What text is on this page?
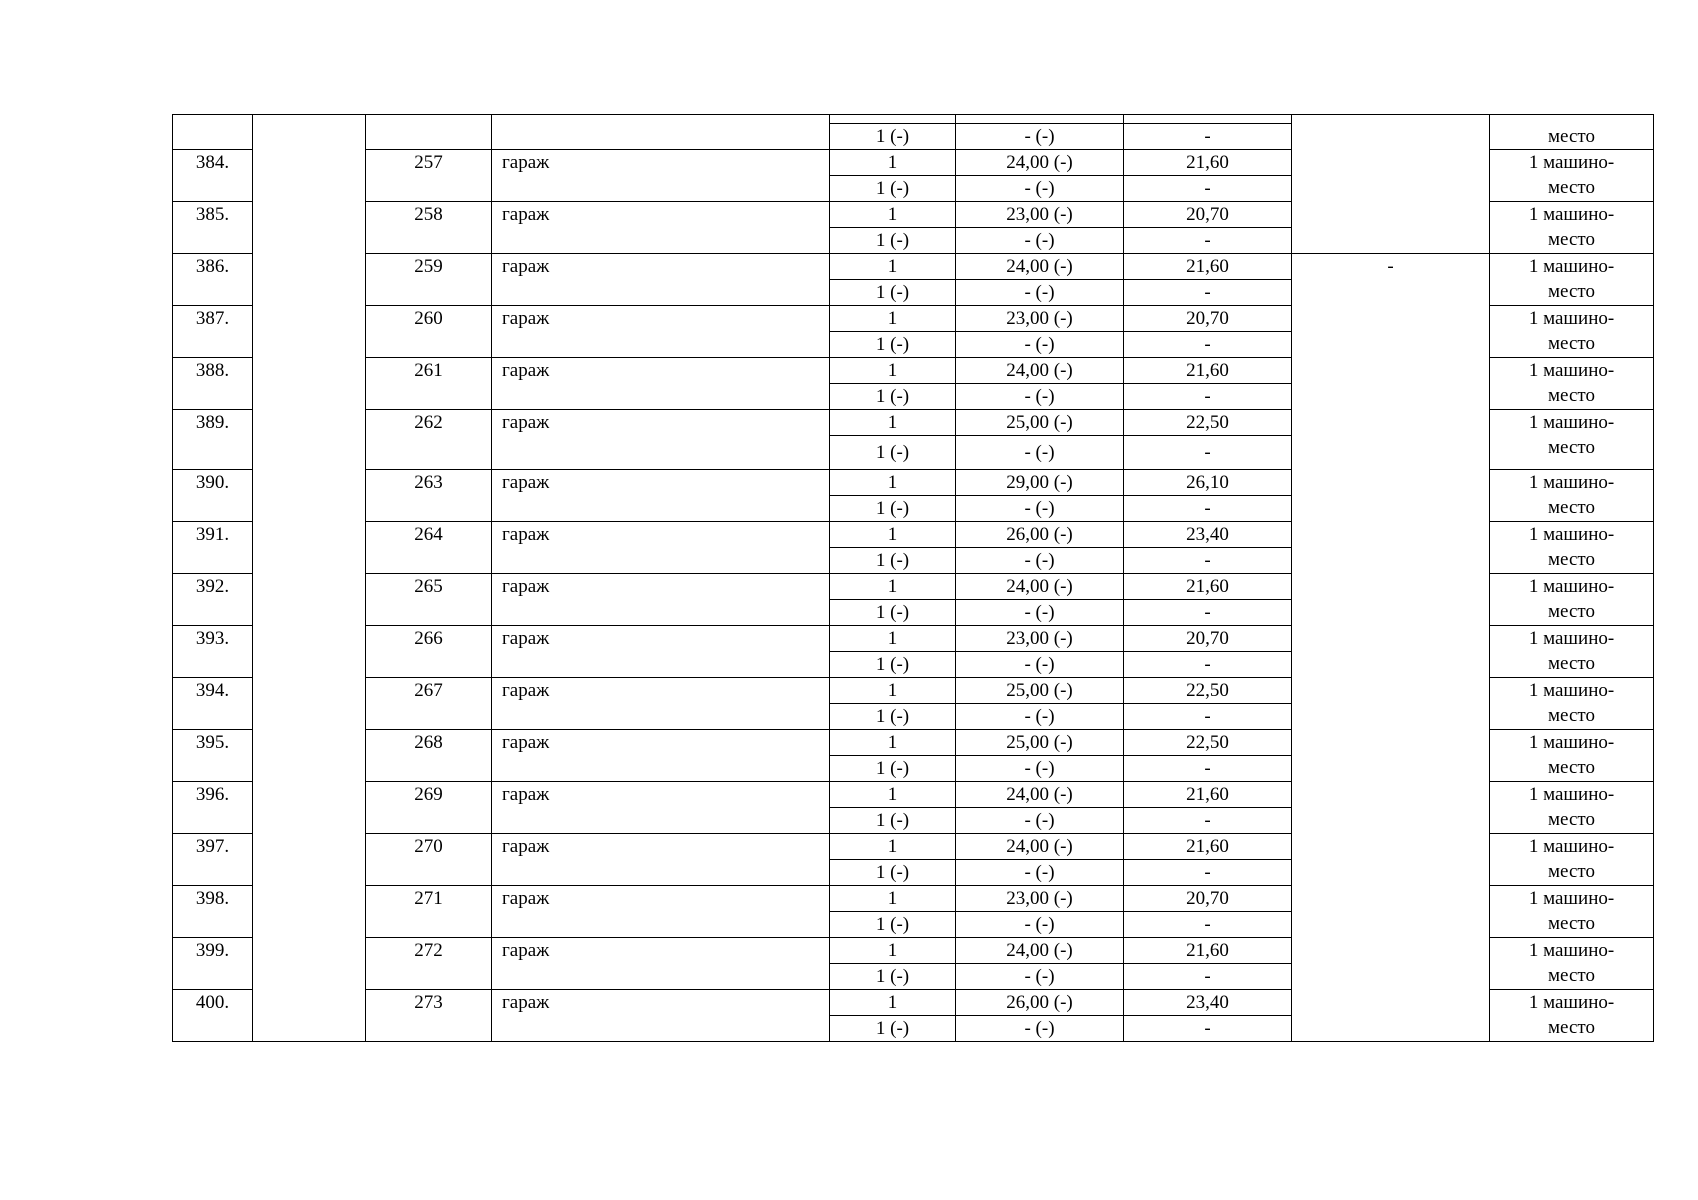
								место
				1 (-)	- (-)	-		
384.		257	гараж	1	24,00 (-)	21,60		1 машино-
место
				1 (-)	- (-)	-		
385.		258	гараж	1	23,00 (-)	20,70		1 машино-
место
				1 (-)	- (-)	-		
386.		259	гараж	1	24,00 (-)	21,60	-	1 машино-
место
				1 (-)	- (-)	-		
387.		260	гараж	1	23,00 (-)	20,70		1 машино-
место
				1 (-)	- (-)	-		
388.		261	гараж	1	24,00 (-)	21,60		1 машино-
место
				1 (-)	- (-)	-		
389.		262	гараж	1	25,00 (-)	22,50		1 машино-
место
				1 (-)	- (-)	-		
390.		263	гараж	1	29,00 (-)	26,10		1 машино-
место
				1 (-)	- (-)	-		
391.		264	гараж	1	26,00 (-)	23,40		1 машино-
место
				1 (-)	- (-)	-		
392.		265	гараж	1	24,00 (-)	21,60		1 машино-
место
				1 (-)	- (-)	-		
393.		266	гараж	1	23,00 (-)	20,70		1 машино-
место
				1 (-)	- (-)	-		
394.		267	гараж	1	25,00 (-)	22,50		1 машино-
место
				1 (-)	- (-)	-		
395.		268	гараж	1	25,00 (-)	22,50		1 машино-
место
				1 (-)	- (-)	-		
396.		269	гараж	1	24,00 (-)	21,60		1 машино-
место
				1 (-)	- (-)	-		
397.		270	гараж	1	24,00 (-)	21,60		1 машино-
место
				1 (-)	- (-)	-		
398.		271	гараж	1	23,00 (-)	20,70		1 машино-
место
				1 (-)	- (-)	-		
399.		272	гараж	1	24,00 (-)	21,60		1 машино-
место
				1 (-)	- (-)	-		
400.		273	гараж	1	26,00 (-)	23,40		1 машино-
место
				1 (-)	- (-)	-		
